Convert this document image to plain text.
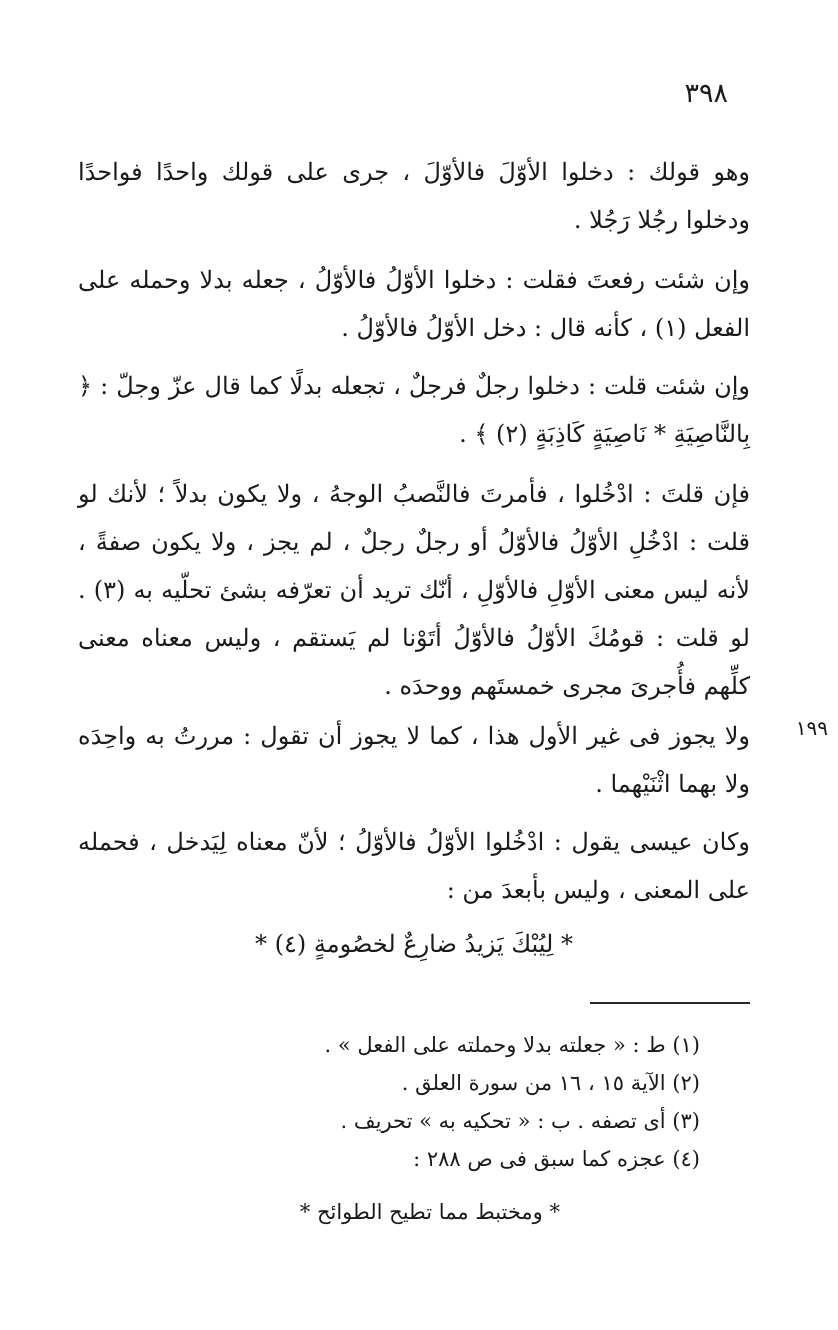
٣٩٨
١٩٩
وهو قولك : دخلوا الأوّلَ فالأوّلَ ، جرى على قولك واحدًا فواحدًا ودخلوا رجُلا رَجُلا .
وإن شئت رفعتَ فقلت : دخلوا الأوّلُ فالأوّلُ ، جعله بدلا وحمله على الفعل (١) ، كأنه قال : دخل الأوّلُ فالأوّلُ .
وإن شئت قلت : دخلوا رجلٌ فرجلٌ ، تجعله بدلًا كما قال عزّ وجلّ : ﴿ بِالنَّاصِيَةِ * نَاصِيَةٍ كَاذِبَةٍ (٢) ﴾ .
فإن قلتَ : ادْخُلوا ، فأمرتَ فالنَّصبُ الوجهُ ، ولا يكون بدلاً ؛ لأنك لو قلت : ادْخُلِ الأوّلُ فالأوّلُ أو رجلٌ رجلٌ ، لم يجز ، ولا يكون صفةً ، لأنه ليس معنى الأوّلِ فالأوّلِ ، أنّك تريد أن تعرّفه بشئ تحلّيه به (٣) . لو قلت : قومُكَ الأوّلُ فالأوّلُ أتَوْنا لم يَستقم ، وليس معناه معنى كلِّهم فأُجرىَ مجرى خمستَهم ووحدَه .
ولا يجوز فى غير الأول هذا ، كما لا يجوز أن تقول : مررتُ به واحِدَه ولا بهما اثْنَيْهما .
وكان عيسى يقول : ادْخُلوا الأوّلُ فالأوّلُ ؛ لأنّ معناه لِيَدخل ، فحمله على المعنى ، وليس بأبعدَ من :
* لِيُبْكَ يَزيدُ ضارِعٌ لخصُومةٍ (٤) *
(١) ط : « جعلته بدلا وحملته على الفعل » .
(٢) الآية ١٥ ، ١٦ من سورة العلق .
(٣) أى تصفه . ب : « تحكيه به » تحريف .
(٤) عجزه كما سبق فى ص ٢٨٨ :
* ومختبط مما تطيح الطوائح *
